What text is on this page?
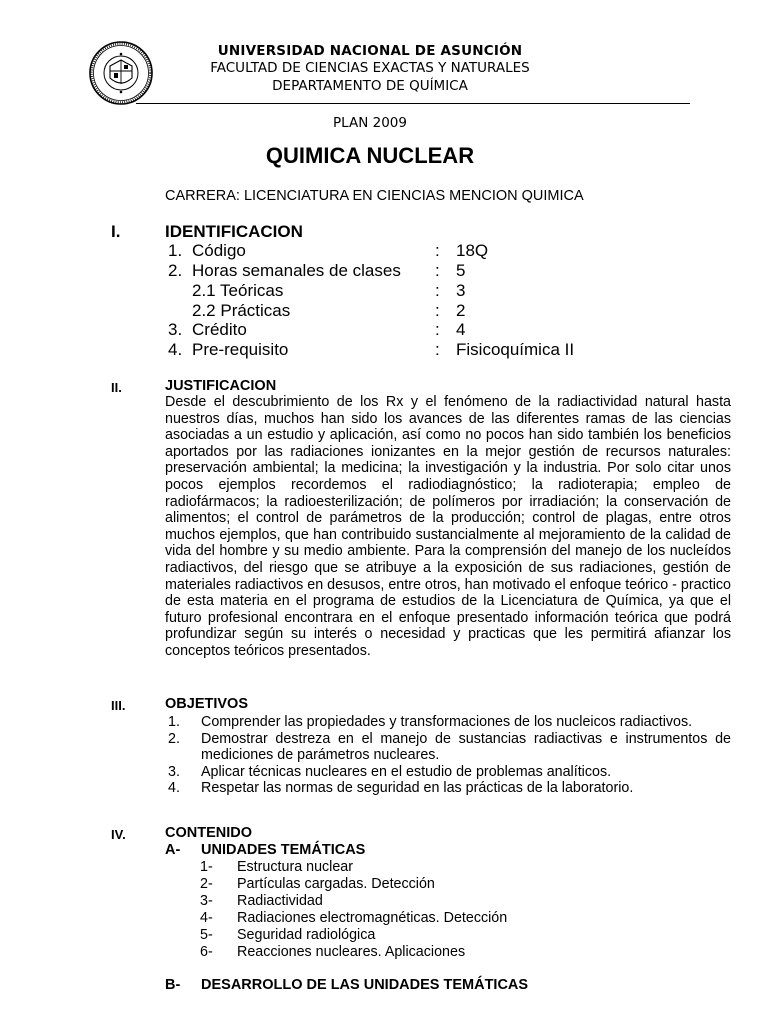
UNIVERSIDAD NACIONAL DE ASUNCIÓN
FACULTAD DE CIENCIAS EXACTAS Y NATURALES
DEPARTAMENTO DE QUÍMICA
PLAN 2009
QUIMICA NUCLEAR
CARRERA: LICENCIATURA EN CIENCIAS MENCION QUIMICA
I.	IDENTIFICACION
1. Código	: 18Q
2. Horas semanales de clases : 5
2.1 Teóricas	: 3
2.2 Prácticas	: 2
3. Crédito	: 4
4. Pre-requisito	: Fisicoquímica II
II.	JUSTIFICACION

Desde el descubrimiento de los Rx y el fenómeno de la radiactividad natural hasta nuestros días, muchos han sido los avances de las diferentes ramas de las ciencias asociadas a un estudio y aplicación, así como no pocos han sido también los beneficios aportados por las radiaciones ionizantes en la mejor gestión de recursos naturales: preservación ambiental; la medicina; la investigación y la industria. Por solo citar unos pocos ejemplos recordemos el radiodiagnóstico; la radioterapia; empleo de radiofármacos; la radioesterilización; de polímeros por irradiación; la conservación de alimentos; el control de parámetros de la producción; control de plagas, entre otros muchos ejemplos, que han contribuido sustancialmente al mejoramiento de la calidad de vida del hombre y su medio ambiente. Para la comprensión del manejo de los nucleídos radiactivos, del riesgo que se atribuye a la exposición de sus radiaciones, gestión de materiales radiactivos en desusos, entre otros, han motivado el enfoque teórico - practico de esta materia en el programa de estudios de la Licenciatura de Química, ya que el futuro profesional encontrara en el enfoque presentado información teórica que podrá profundizar según su interés o necesidad y practicas que les permitirá afianzar los conceptos teóricos presentados.

III.	OBJETIVOS
1. Comprender las propiedades y transformaciones de los nucleicos radiactivos.
2. Demostrar destreza en el manejo de sustancias radiactivas e instrumentos de mediciones de parámetros nucleares.
3. Aplicar técnicas nucleares en el estudio de problemas analíticos.
4. Respetar las normas de seguridad en las prácticas de la laboratorio.
IV.	CONTENIDO
A- UNIDADES TEMÁTICAS
1- Estructura nuclear
2- Partículas cargadas. Detección
3- Radiactividad
4- Radiaciones electromagnéticas. Detección
5- Seguridad radiológica
6- Reacciones nucleares. Aplicaciones
B- DESARROLLO DE LAS UNIDADES TEMÁTICAS
